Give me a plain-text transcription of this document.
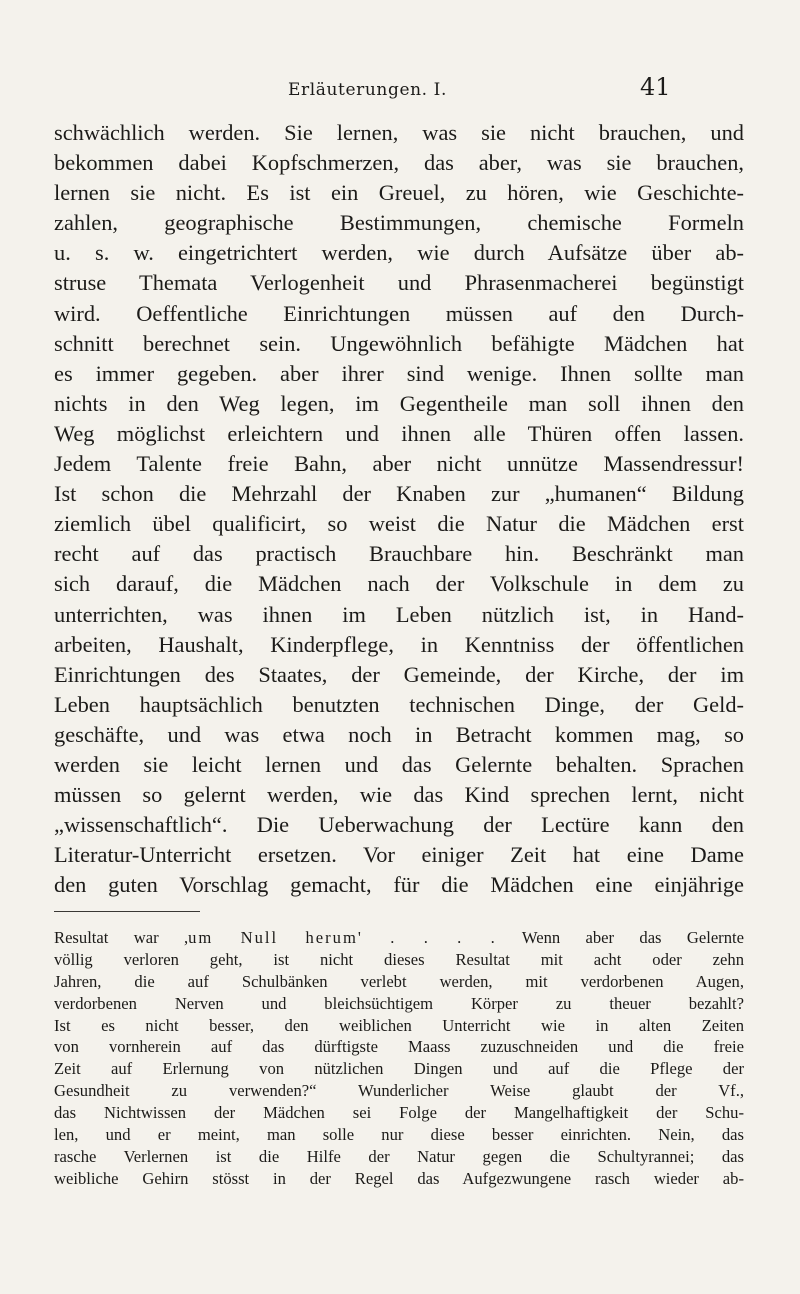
Erläuterungen. I.	41
schwächlich werden. Sie lernen, was sie nicht brauchen, und
bekommen dabei Kopfschmerzen, das aber, was sie brauchen,
lernen sie nicht. Es ist ein Greuel, zu hören, wie Geschichte-
zahlen, geographische Bestimmungen, chemische Formeln
u. s. w. eingetrichtert werden, wie durch Aufsätze über ab-
struse Themata Verlogenheit und Phrasenmacherei begünstigt
wird. Oeffentliche Einrichtungen müssen auf den Durch-
schnitt berechnet sein. Ungewöhnlich befähigte Mädchen hat
es immer gegeben. aber ihrer sind wenige. Ihnen sollte man
nichts in den Weg legen, im Gegentheile man soll ihnen den
Weg möglichst erleichtern und ihnen alle Thüren offen lassen.
Jedem Talente freie Bahn, aber nicht unnütze Massendressur!
Ist schon die Mehrzahl der Knaben zur „humanen“ Bildung
ziemlich übel qualificirt, so weist die Natur die Mädchen erst
recht auf das practisch Brauchbare hin. Beschränkt man
sich darauf, die Mädchen nach der Volkschule in dem zu
unterrichten, was ihnen im Leben nützlich ist, in Hand-
arbeiten, Haushalt, Kinderpflege, in Kenntniss der öffentlichen
Einrichtungen des Staates, der Gemeinde, der Kirche, der im
Leben hauptsächlich benutzten technischen Dinge, der Geld-
geschäfte, und was etwa noch in Betracht kommen mag, so
werden sie leicht lernen und das Gelernte behalten. Sprachen
müssen so gelernt werden, wie das Kind sprechen lernt, nicht
„wissenschaftlich“. Die Ueberwachung der Lectüre kann den
Literatur-Unterricht ersetzen. Vor einiger Zeit hat eine Dame
den guten Vorschlag gemacht, für die Mädchen eine einjährige
Resultat war ,um Null herum' . . . . Wenn aber das Gelernte
völlig verloren geht, ist nicht dieses Resultat mit acht oder zehn
Jahren, die auf Schulbänken verlebt werden, mit verdorbenen Augen,
verdorbenen Nerven und bleichsüchtigem Körper zu theuer bezahlt?
Ist es nicht besser, den weiblichen Unterricht wie in alten Zeiten
von vornherein auf das dürftigste Maass zuzuschneiden und die freie
Zeit auf Erlernung von nützlichen Dingen und auf die Pflege der
Gesundheit zu verwenden?“ Wunderlicher Weise glaubt der Vf.,
das Nichtwissen der Mädchen sei Folge der Mangelhaftigkeit der Schu-
len, und er meint, man solle nur diese besser einrichten. Nein, das
rasche Verlernen ist die Hilfe der Natur gegen die Schultyrannei; das
weibliche Gehirn stösst in der Regel das Aufgezwungene rasch wieder ab-
